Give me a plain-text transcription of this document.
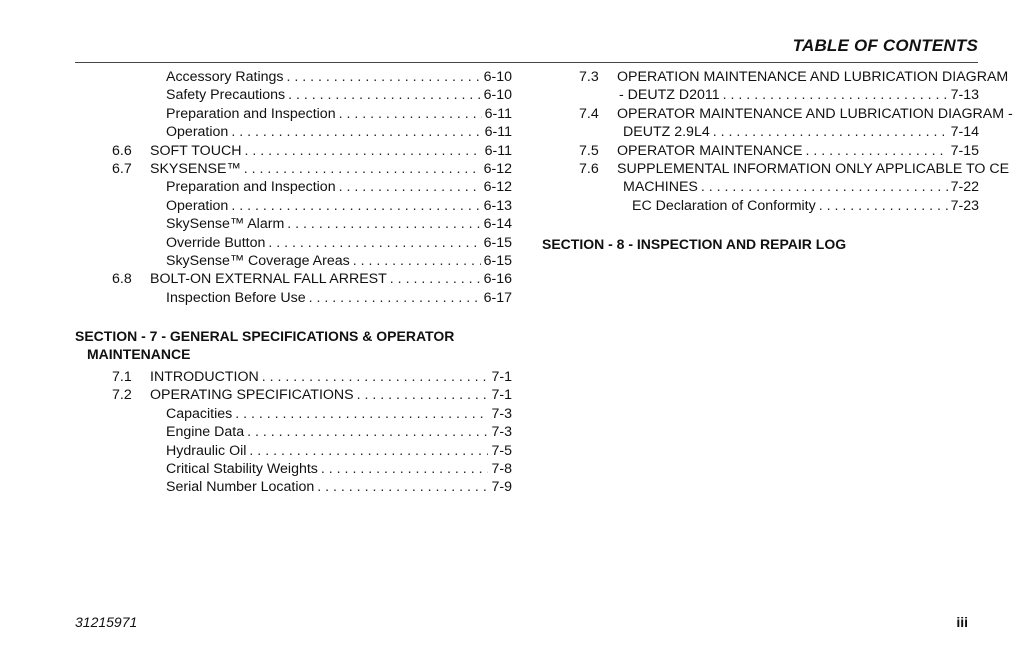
TABLE OF CONTENTS
Accessory Ratings . . .	6-10
Safety Precautions . . .	6-10
Preparation and Inspection . . .	6-11
Operation . . .	6-11
6.6 SOFT TOUCH . . .	6-11
6.7 SKYSENSE™ . . .	6-12
Preparation and Inspection . . .	6-12
Operation . . .	6-13
SkySense™ Alarm . . .	6-14
Override Button . . .	6-15
SkySense™ Coverage Areas . . .	6-15
6.8 BOLT-ON EXTERNAL FALL ARREST . . .	6-16
Inspection Before Use . . .	6-17
SECTION - 7 - GENERAL SPECIFICATIONS & OPERATOR
MAINTENANCE
7.1 INTRODUCTION . . .	7-1
7.2 OPERATING SPECIFICATIONS . . .	7-1
Capacities . . .	7-3
Engine Data . . .	7-3
Hydraulic Oil . . .	7-5
Critical Stability Weights . . .	7-8
Serial Number Location . . .	7-9
7.3 OPERATION MAINTENANCE AND LUBRICATION DIAGRAM
- DEUTZ D2011 . . .	7-13
7.4 OPERATOR MAINTENANCE AND LUBRICATION DIAGRAM -
DEUTZ 2.9L4 . . .	7-14
7.5 OPERATOR MAINTENANCE . . .	7-15
7.6 SUPPLEMENTAL INFORMATION ONLY APPLICABLE TO CE
MACHINES . . .	7-22
EC Declaration of Conformity . . .	7-23
SECTION - 8 - INSPECTION AND REPAIR LOG
31215971	iii
